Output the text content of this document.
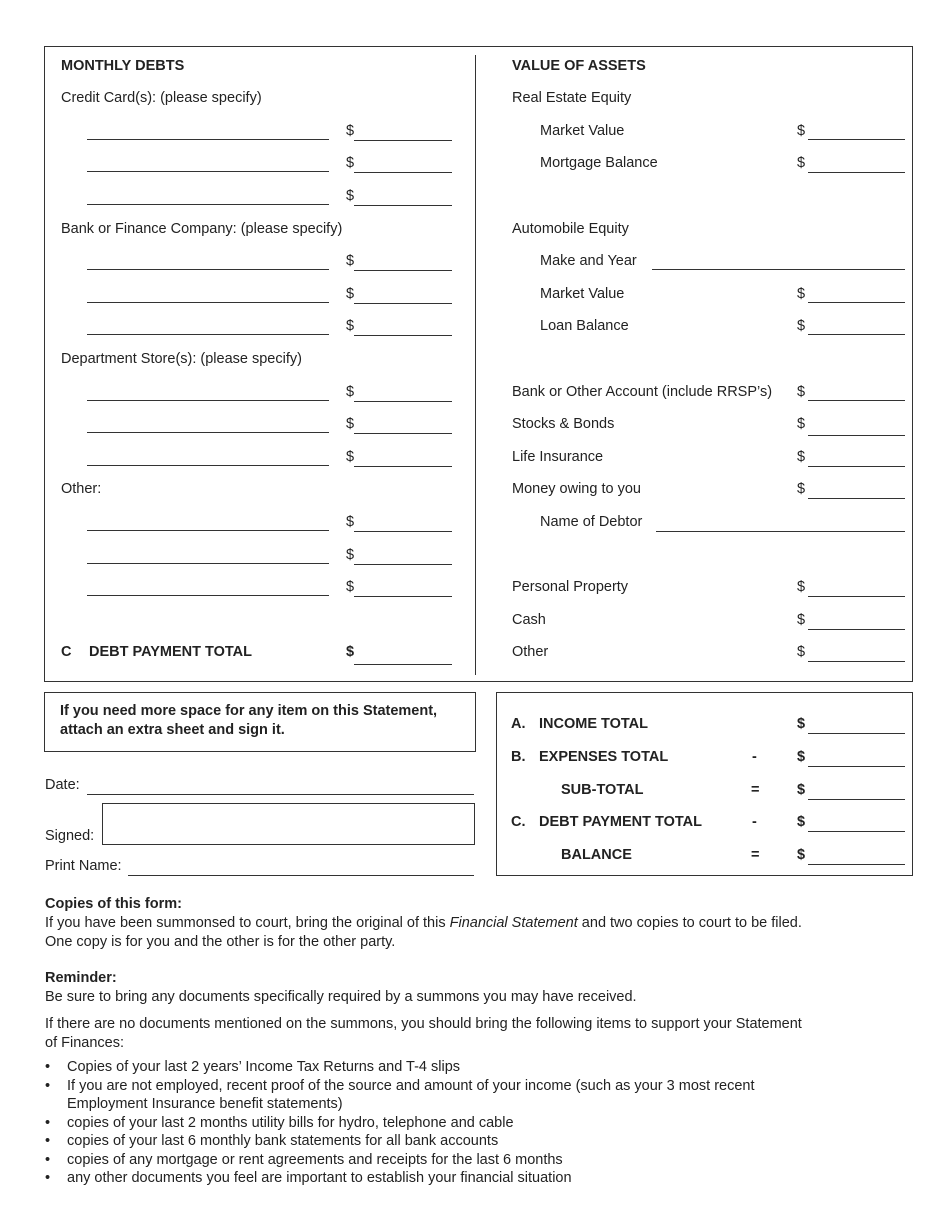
MONTHLY DEBTS
Credit Card(s): (please specify)
Bank or Finance Company: (please specify)
Department Store(s): (please specify)
Other:
$
$
$
$
$
$
$
$
$
$
$
$
C DEBT PAYMENT TOTAL	$
VALUE OF ASSETS
Real Estate Equity
Market Value	$
Mortgage Balance	$
Automobile Equity
Make and Year
Market Value	$
Loan Balance	$
Bank or Other Account (include RRSP’s) $
Stocks & Bonds	$
Life Insurance	$
Money owing to you	$
Name of Debtor
Personal Property	$
Cash	$
Other	$
If you need more space for any item on this Statement,
attach an extra sheet and sign it.
Date:
Signed:
Print Name:
A. INCOME TOTAL	$
B. EXPENSES TOTAL	-	$
SUB-TOTAL	=	$
C. DEBT PAYMENT TOTAL	-	$
BALANCE	=	$
Copies of this form:
If you have been summonsed to court, bring the original of this Financial Statement and two copies to court to be filed.
One copy is for you and the other is for the other party.
Reminder:
Be sure to bring any documents specifically required by a summons you may have received.
If there are no documents mentioned on the summons, you should bring the following items to support your Statement of Finances:
• Copies of your last 2 years’ Income Tax Returns and T-4 slips
• If you are not employed, recent proof of the source and amount of your income (such as your 3 most recent Employment Insurance benefit statements)
• copies of your last 2 months utility bills for hydro, telephone and cable
• copies of your last 6 monthly bank statements for all bank accounts
• copies of any mortgage or rent agreements and receipts for the last 6 months
• any other documents you feel are important to establish your financial situation
